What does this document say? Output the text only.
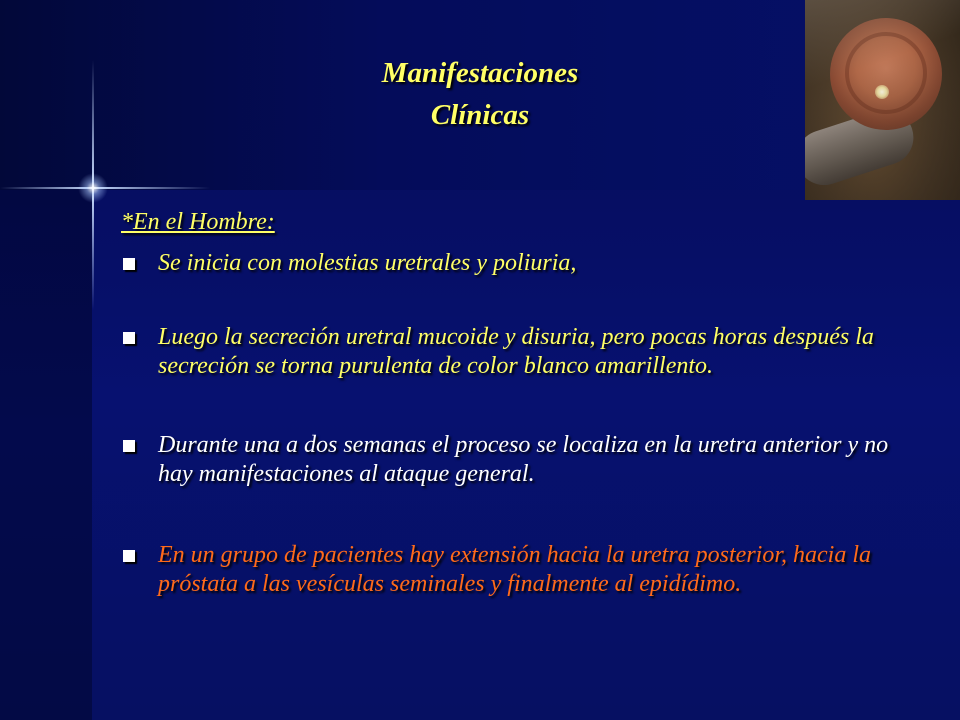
Manifestaciones
Clínicas
*En el Hombre:
Se inicia con molestias uretrales y poliuria,
Luego la secreción uretral mucoide y disuria, pero pocas horas después la secreción se torna purulenta de color blanco amarillento.
Durante una a dos semanas el proceso se localiza en la uretra anterior y no hay manifestaciones al ataque general.
En un grupo de pacientes hay extensión hacia la uretra posterior, hacia la próstata a las vesículas seminales y finalmente al epidídimo.
